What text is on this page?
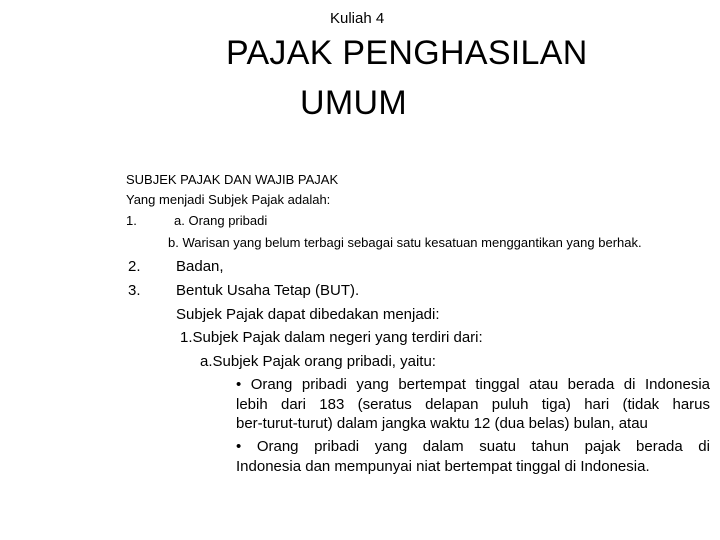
Kuliah 4
PAJAK PENGHASILAN
UMUM
SUBJEK PAJAK DAN WAJIB PAJAK
Yang menjadi Subjek Pajak adalah:
1.	a. Orang pribadi
b. Warisan yang belum terbagi sebagai satu kesatuan menggantikan yang berhak.
2. Badan,
3. Bentuk Usaha Tetap (BUT).
Subjek Pajak dapat dibedakan menjadi:
1.Subjek Pajak dalam negeri yang terdiri dari:
a.Subjek Pajak orang pribadi, yaitu:
• Orang pribadi yang bertempat tinggal atau berada di Indonesia
lebih dari 183 (seratus delapan puluh tiga) hari (tidak harus
ber-turut-turut) dalam jangka waktu 12 (dua belas) bulan, atau
• Orang pribadi yang dalam suatu tahun pajak berada di
Indonesia dan mempunyai niat bertempat tinggal di Indonesia.
